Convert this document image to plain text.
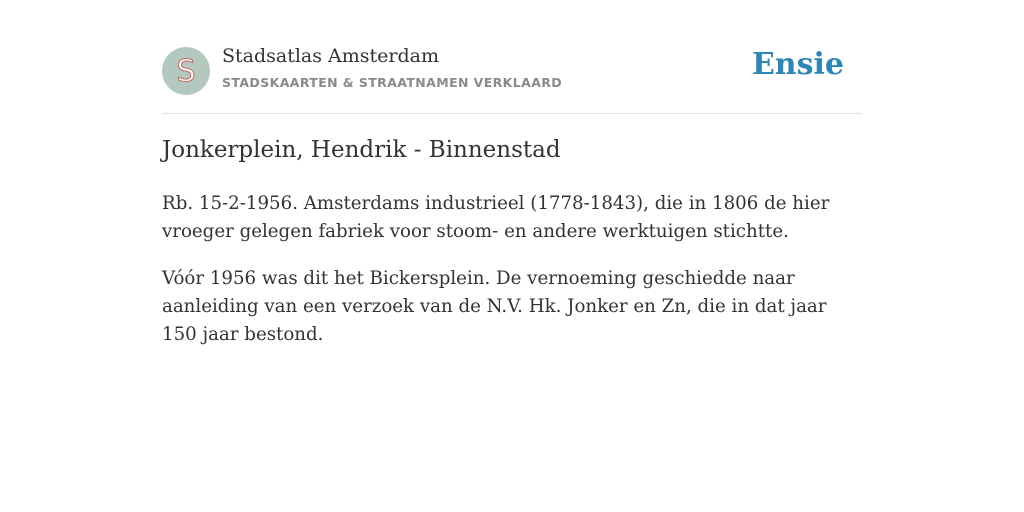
S Stadsatlas Amsterdam
STADSKAARTEN & STRAATNAMEN VERKLAARD
Ensie
Jonkerplein, Hendrik - Binnenstad

Rb. 15-2-1956. Amsterdams industrieel (1778-1843), die in 1806 de hier vroeger gelegen fabriek voor stoom- en andere werktuigen stichtte.

Vóór 1956 was dit het Bickersplein. De vernoeming geschiedde naar aanleiding van een verzoek van de N.V. Hk. Jonker en Zn, die in dat jaar 150 jaar bestond.
